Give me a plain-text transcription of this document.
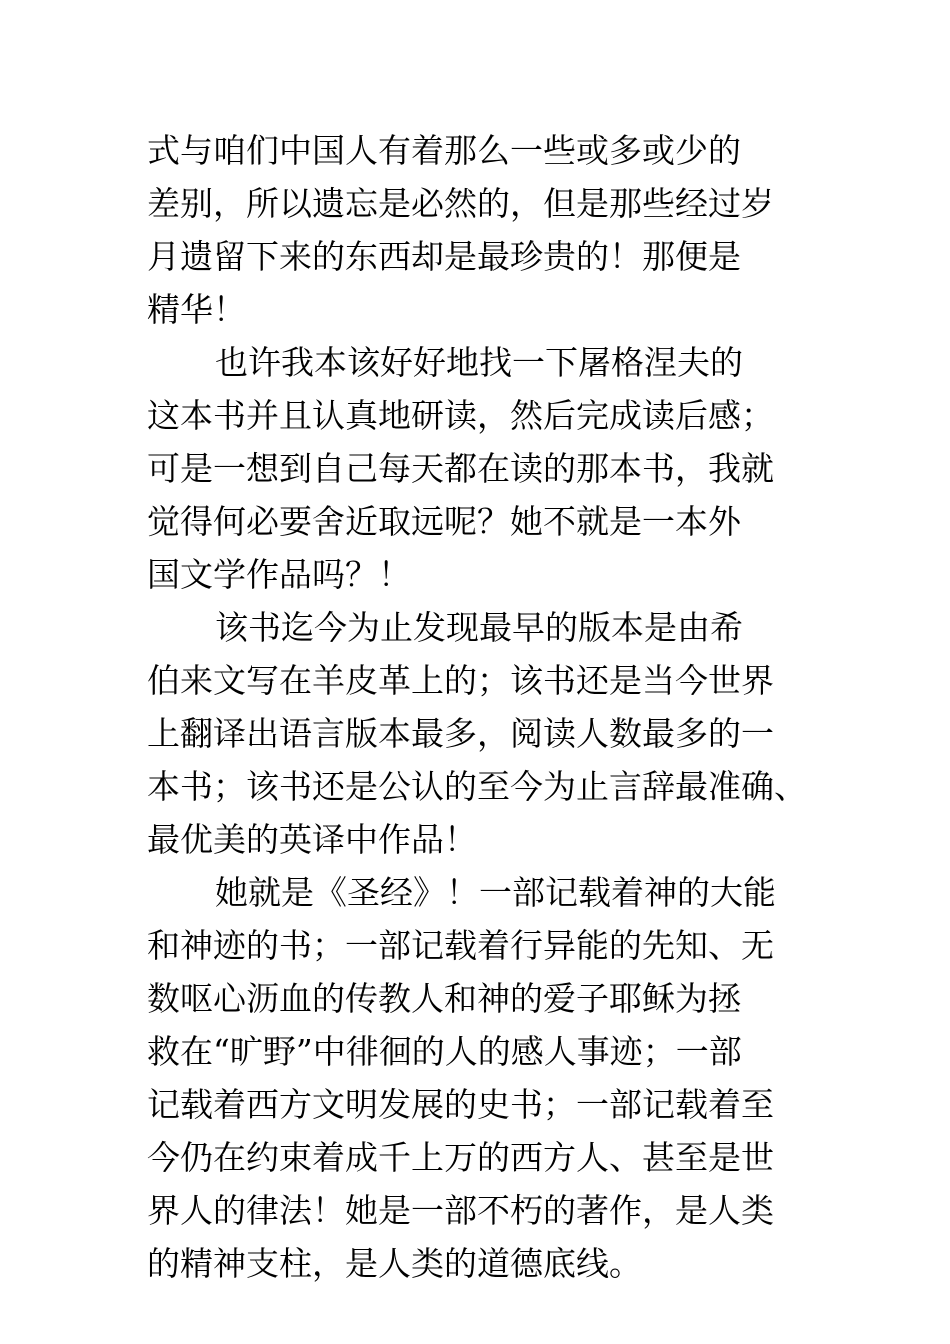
式与咱们中国人有着那么一些或多或少的
差别，所以遗忘是必然的，但是那些经过岁
月遗留下来的东西却是最珍贵的！那便是
精华！
也许我本该好好地找一下屠格涅夫的
这本书并且认真地研读，然后完成读后感；
可是一想到自己每天都在读的那本书，我就
觉得何必要舍近取远呢？她不就是一本外
国文学作品吗？！
该书迄今为止发现最早的版本是由希
伯来文写在羊皮革上的；该书还是当今世界
上翻译出语言版本最多，阅读人数最多的一
本书；该书还是公认的至今为止言辞最准确、
最优美的英译中作品！
她就是《圣经》！一部记载着神的大能
和神迹的书；一部记载着行异能的先知、无
数呕心沥血的传教人和神的爱子耶稣为拯
救在“旷野”中徘徊的人的感人事迹；一部
记载着西方文明发展的史书；一部记载着至
今仍在约束着成千上万的西方人、甚至是世
界人的律法！她是一部不朽的著作，是人类
的精神支柱，是人类的道德底线。
